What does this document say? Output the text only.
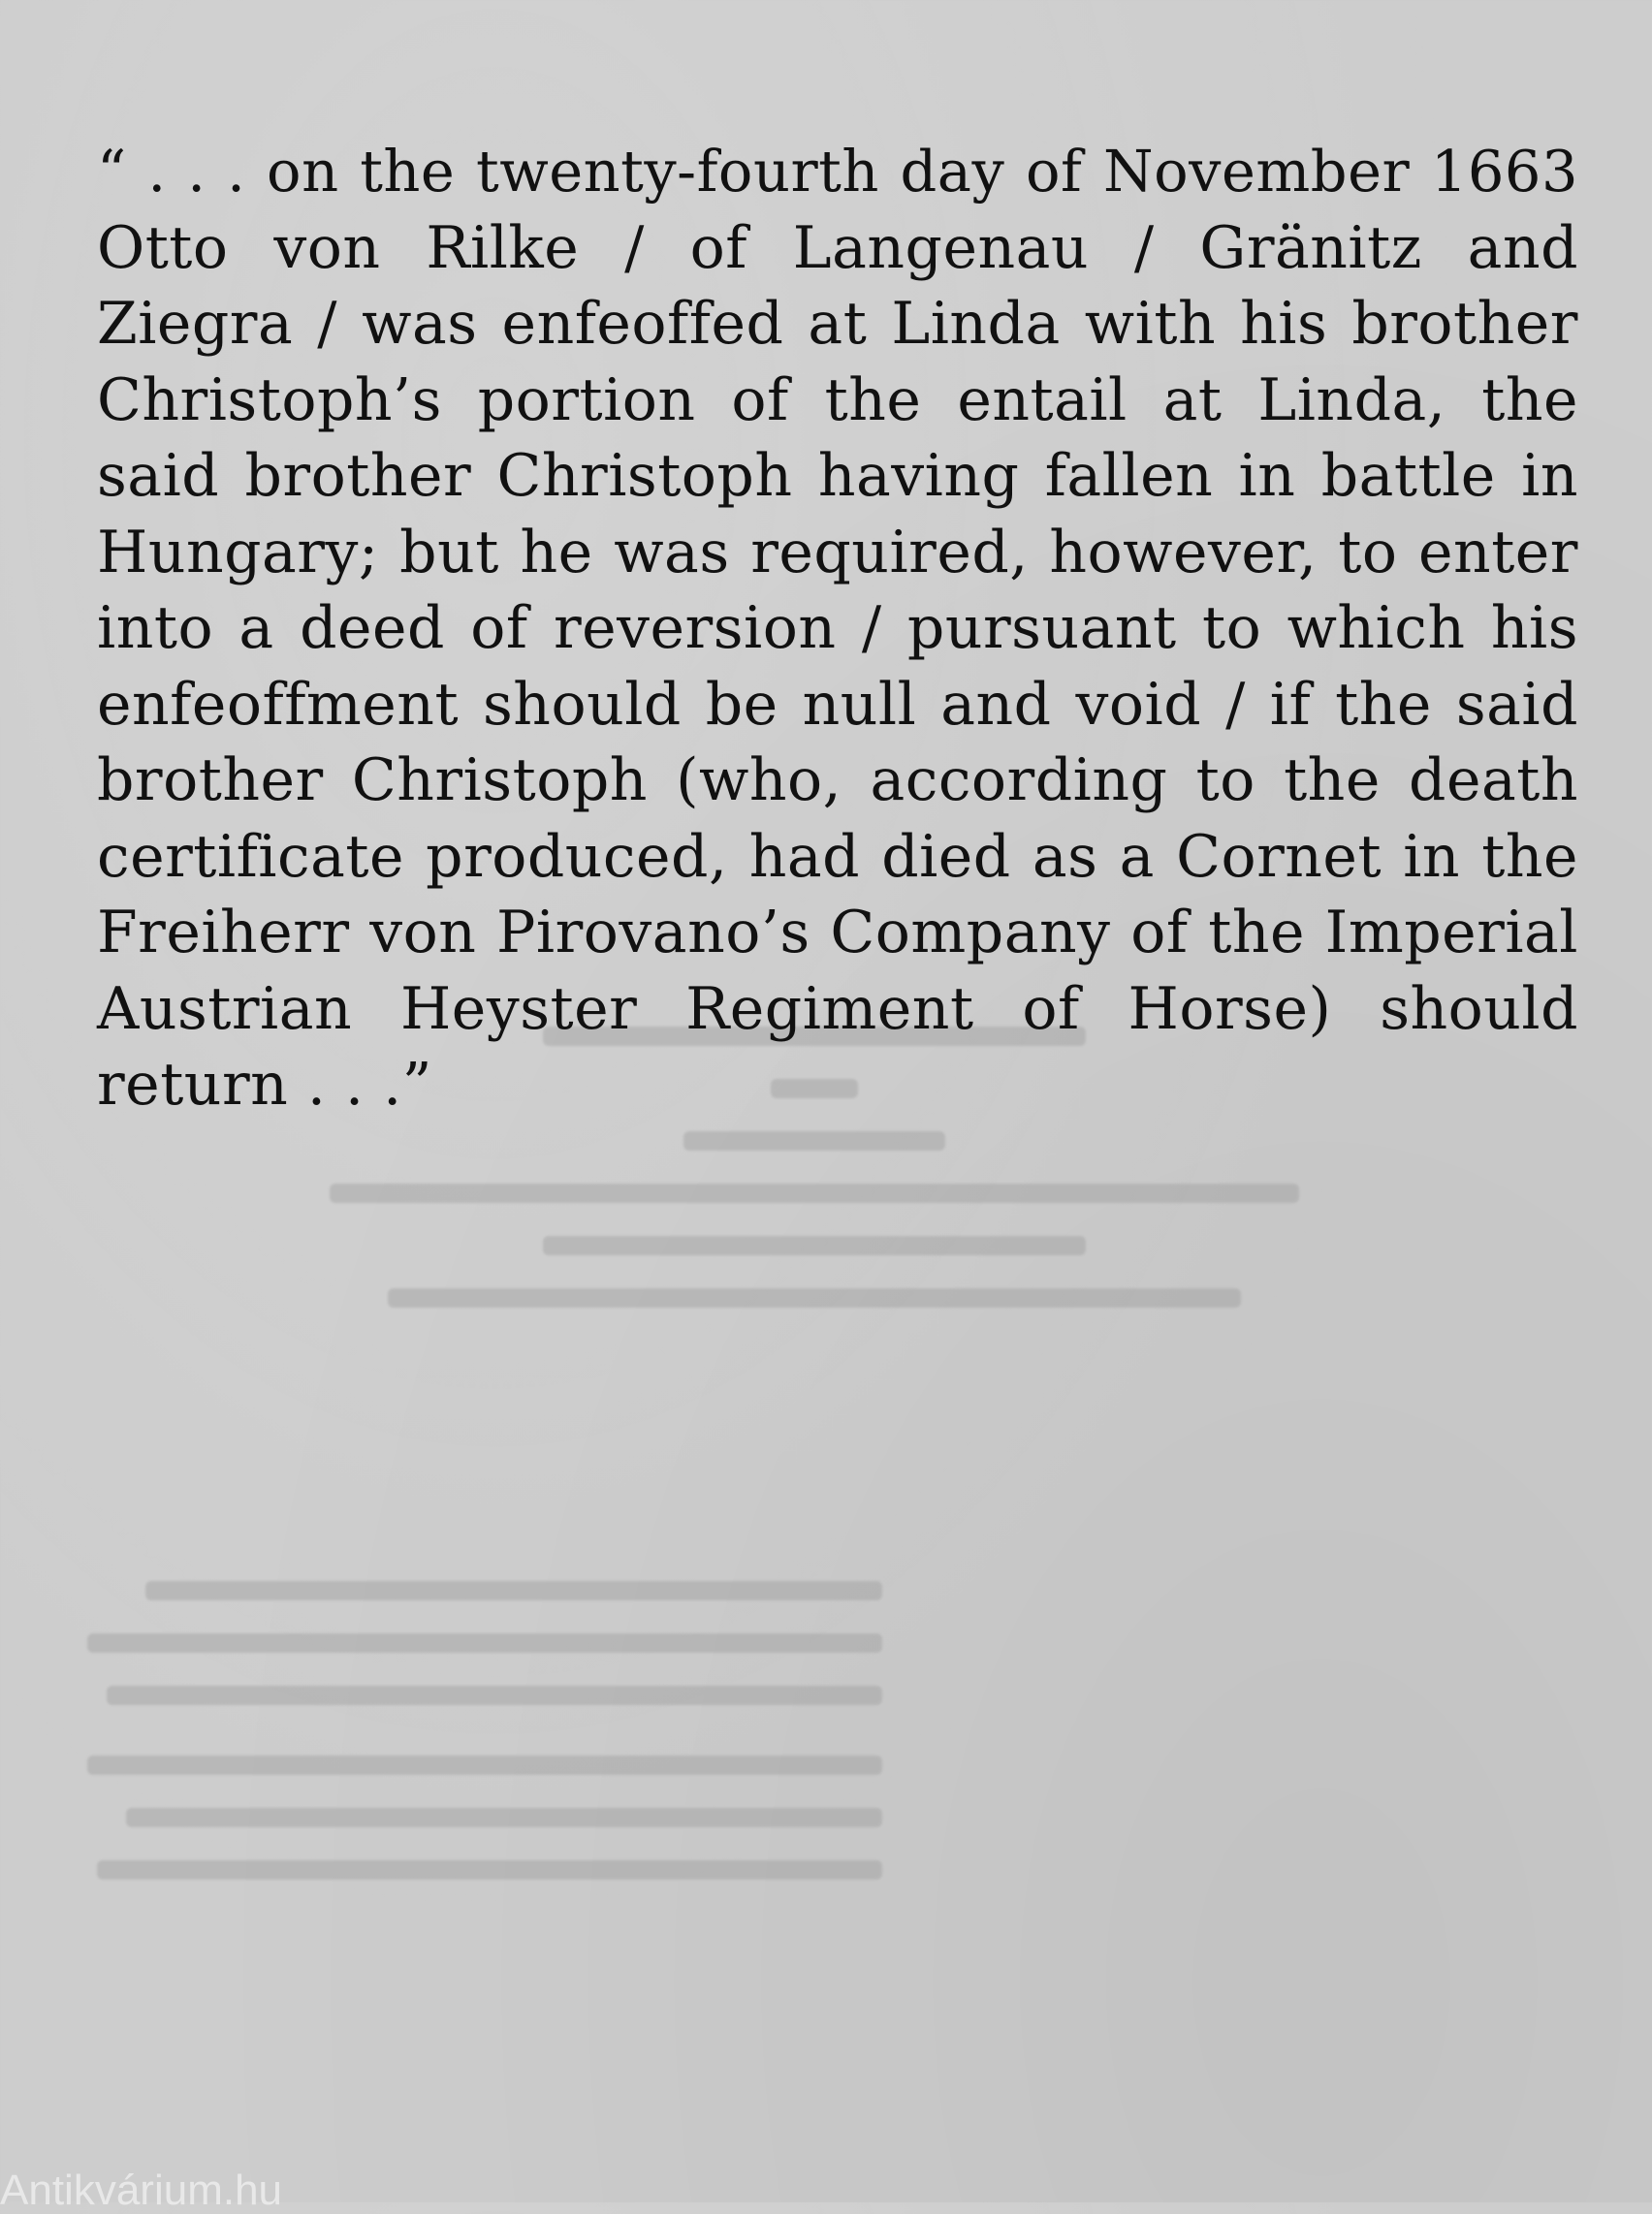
“ . . . on the twenty-fourth day of November 1663
Otto von Rilke / of Langenau / Gränitz and
Ziegra / was enfeoffed at Linda with his brother
Christoph’s portion of the entail at Linda, the
said brother Christoph having fallen in battle in
Hungary; but he was required, however, to enter
into a deed of reversion / pursuant to which his
enfeoffment should be null and void / if the said
brother Christoph (who, according to the death
certificate produced, had died as a Cornet in the
Freiherr von Pirovano’s Company of the Imperial
Austrian Heyster Regiment of Horse) should
return . . .”
Antikvárium.hu
